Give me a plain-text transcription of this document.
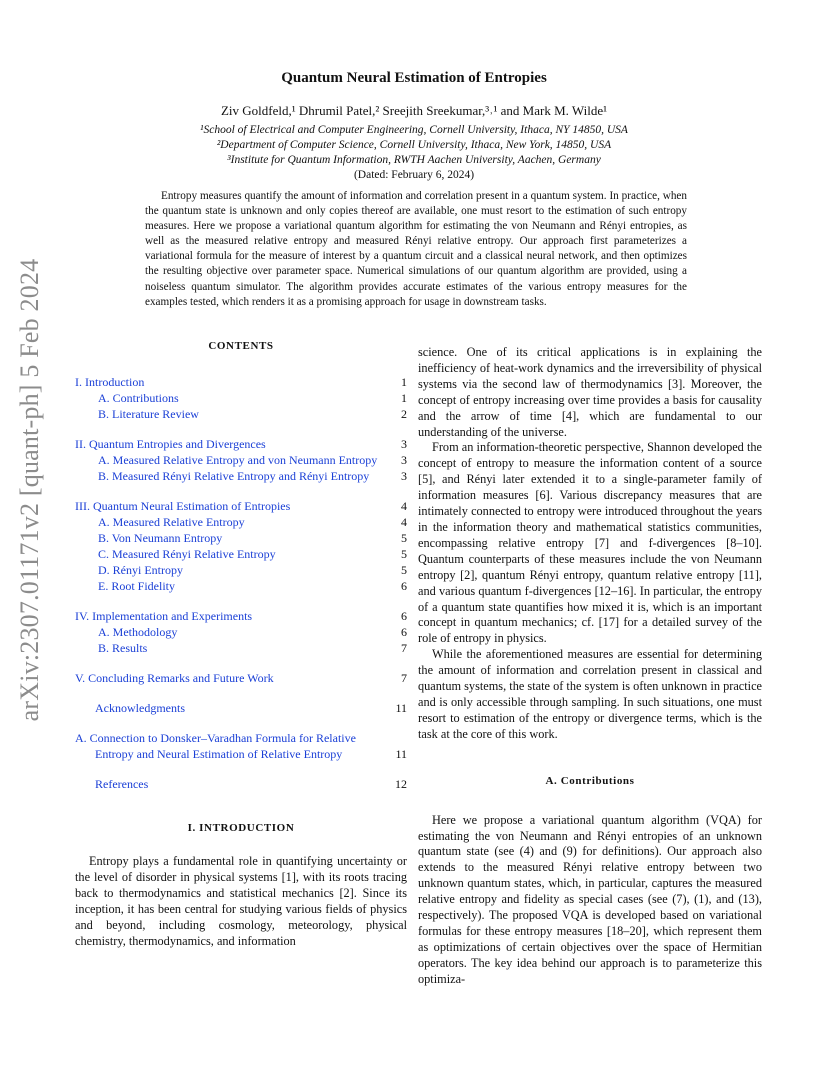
arXiv:2307.01171v2 [quant-ph] 5 Feb 2024
Quantum Neural Estimation of Entropies
Ziv Goldfeld,¹ Dhrumil Patel,² Sreejith Sreekumar,³˒¹ and Mark M. Wilde¹
¹School of Electrical and Computer Engineering, Cornell University, Ithaca, NY 14850, USA
²Department of Computer Science, Cornell University, Ithaca, New York, 14850, USA
³Institute for Quantum Information, RWTH Aachen University, Aachen, Germany
(Dated: February 6, 2024)
Entropy measures quantify the amount of information and correlation present in a quantum system. In practice, when the quantum state is unknown and only copies thereof are available, one must resort to the estimation of such entropy measures. Here we propose a variational quantum algorithm for estimating the von Neumann and Rényi entropies, as well as the measured relative entropy and measured Rényi relative entropy. Our approach first parameterizes a variational formula for the measure of interest by a quantum circuit and a classical neural network, and then optimizes the resulting objective over parameter space. Numerical simulations of our quantum algorithm are provided, using a noiseless quantum simulator. The algorithm provides accurate estimates of the various entropy measures for the examples tested, which renders it as a promising approach for usage in downstream tasks.
CONTENTS
I. Introduction	1
A. Contributions	1
B. Literature Review	2
II. Quantum Entropies and Divergences	3
A. Measured Relative Entropy and von Neumann Entropy	3
B. Measured Rényi Relative Entropy and Rényi Entropy	3
III. Quantum Neural Estimation of Entropies	4
A. Measured Relative Entropy	4
B. Von Neumann Entropy	5
C. Measured Rényi Relative Entropy	5
D. Rényi Entropy	5
E. Root Fidelity	6
IV. Implementation and Experiments	6
A. Methodology	6
B. Results	7
V. Concluding Remarks and Future Work	7
Acknowledgments	11
A. Connection to Donsker–Varadhan Formula for Relative Entropy and Neural Estimation of Relative Entropy	11
References	12
I. INTRODUCTION

Entropy plays a fundamental role in quantifying uncertainty or the level of disorder in physical systems [1], with its roots tracing back to thermodynamics and statistical mechanics [2]. Since its inception, it has been central for studying various fields of physics and beyond, including cosmology, meteorology, physical chemistry, thermodynamics, and information

science. One of its critical applications is in explaining the inefficiency of heat-work dynamics and the irreversibility of physical systems via the second law of thermodynamics [3]. Moreover, the concept of entropy increasing over time provides a basis for causality and the arrow of time [4], which are fundamental to our understanding of the universe.

From an information-theoretic perspective, Shannon developed the concept of entropy to measure the information content of a source [5], and Rényi later extended it to a single-parameter family of information measures [6]. Various discrepancy measures that are intimately connected to entropy were introduced throughout the years in the information theory and mathematical statistics communities, encompassing relative entropy [7] and f-divergences [8–10]. Quantum counterparts of these measures include the von Neumann entropy [2], quantum Rényi entropy, quantum relative entropy [11], and various quantum f-divergences [12–16]. In particular, the entropy of a quantum state quantifies how mixed it is, which is an important concept in quantum mechanics; cf. [17] for a detailed survey of the role of entropy in physics.

While the aforementioned measures are essential for determining the amount of information and correlation present in classical and quantum systems, the state of the system is often unknown in practice and is only accessible through sampling. In such situations, one must resort to estimation of the entropy or divergence terms, which is the task at the core of this work.

A. Contributions

Here we propose a variational quantum algorithm (VQA) for estimating the von Neumann and Rényi entropies of an unknown quantum state (see (4) and (9) for definitions). Our approach also extends to the measured Rényi relative entropy between two unknown quantum states, which, in particular, captures the measured relative entropy and fidelity as special cases (see (7), (1), and (13), respectively). The proposed VQA is developed based on variational formulas for these entropy measures [18–20], which represent them as optimizations of certain objectives over the space of Hermitian operators. The key idea behind our approach is to parameterize this optimiza-
